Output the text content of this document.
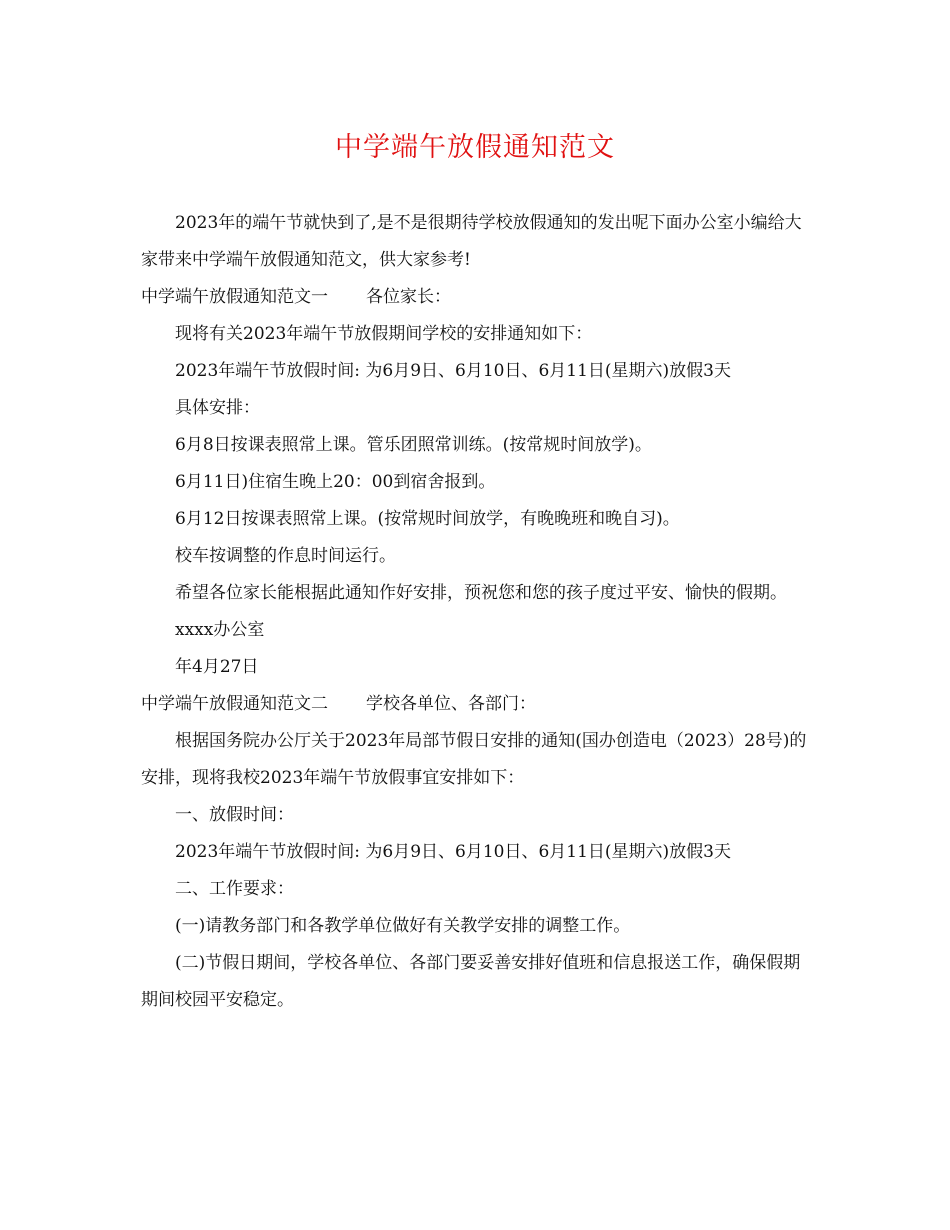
中学端午放假通知范文

2023年的端午节就快到了,是不是很期待学校放假通知的发出呢下面办公室小编给大家带来中学端午放假通知范文，供大家参考!

中学端午放假通知范文一 各位家长：

现将有关2023年端午节放假期间学校的安排通知如下：

2023年端午节放假时间: 为6月9日、6月10日、6月11日(星期六)放假3天

具体安排：

6月8日按课表照常上课。管乐团照常训练。(按常规时间放学)。

6月11日)住宿生晚上20：00到宿舍报到。

6月12日按课表照常上课。(按常规时间放学，有晚晚班和晚自习)。

校车按调整的作息时间运行。

希望各位家长能根据此通知作好安排，预祝您和您的孩子度过平安、愉快的假期。

xxxx办公室

年4月27日

中学端午放假通知范文二 学校各单位、各部门：

根据国务院办公厅关于2023年局部节假日安排的通知(国办创造电（2023）28号)的安排，现将我校2023年端午节放假事宜安排如下：

一、放假时间：

2023年端午节放假时间: 为6月9日、6月10日、6月11日(星期六)放假3天

二、工作要求：

(一)请教务部门和各教学单位做好有关教学安排的调整工作。

(二)节假日期间，学校各单位、各部门要妥善安排好值班和信息报送工作，确保假期期间校园平安稳定。
